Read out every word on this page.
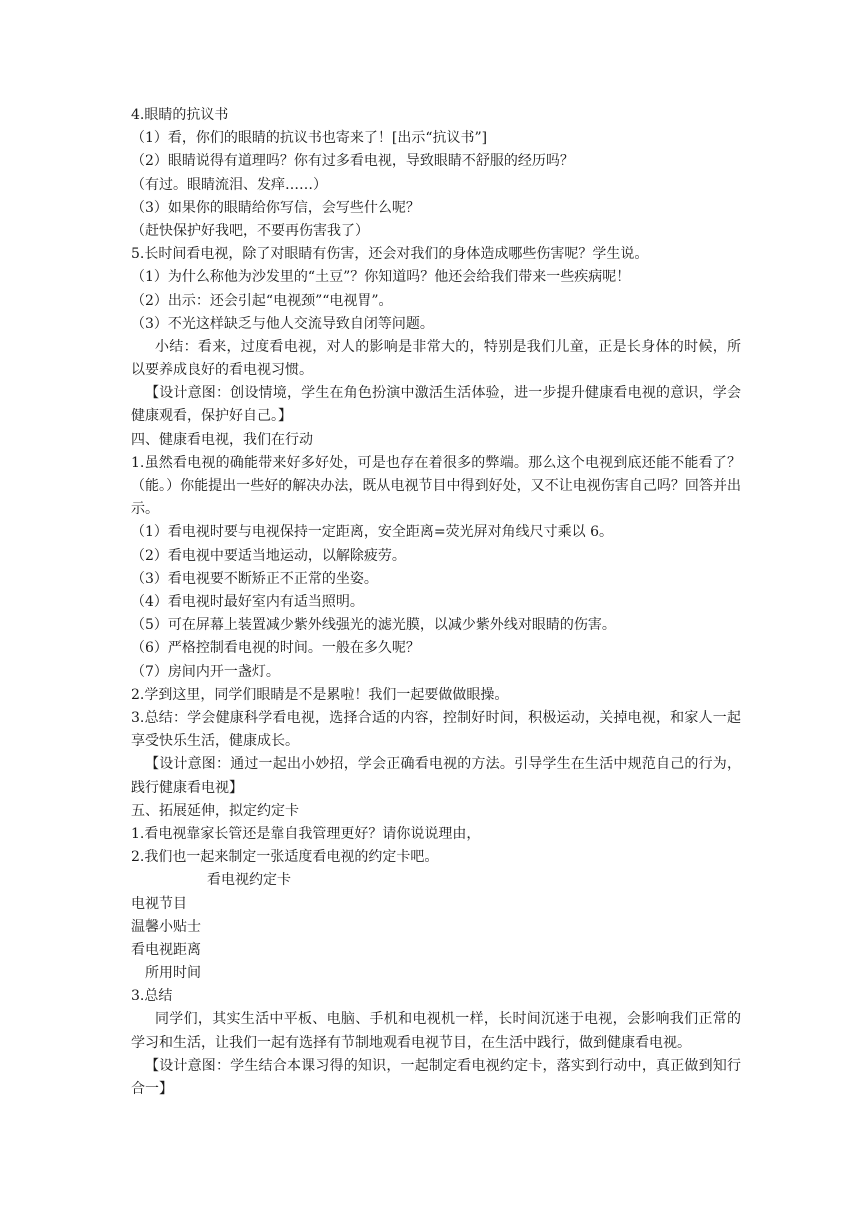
4.眼睛的抗议书
（1）看，你们的眼睛的抗议书也寄来了！[出示“抗议书”]
（2）眼睛说得有道理吗？你有过多看电视，导致眼睛不舒服的经历吗？
（有过。眼睛流泪、发痒……）
（3）如果你的眼睛给你写信，会写些什么呢？
（赶快保护好我吧，不要再伤害我了）
5.长时间看电视，除了对眼睛有伤害，还会对我们的身体造成哪些伤害呢？学生说。
（1）为什么称他为沙发里的“土豆”？你知道吗？他还会给我们带来一些疾病呢！
（2）出示：还会引起“电视颈”“电视胃”。
（3）不光这样缺乏与他人交流导致自闭等问题。
小结：看来，过度看电视，对人的影响是非常大的，特别是我们儿童，正是长身体的时候，所以要养成良好的看电视习惯。
【设计意图：创设情境，学生在角色扮演中激活生活体验，进一步提升健康看电视的意识，学会健康观看，保护好自己。】
四、健康看电视，我们在行动
1.虽然看电视的确能带来好多好处，可是也存在着很多的弊端。那么这个电视到底还能不能看了？（能。）你能提出一些好的解决办法，既从电视节目中得到好处，又不让电视伤害自己吗？回答并出示。
（1）看电视时要与电视保持一定距离，安全距离=荧光屏对角线尺寸乘以 6。
（2）看电视中要适当地运动，以解除疲劳。
（3）看电视要不断矫正不正常的坐姿。
（4）看电视时最好室内有适当照明。
（5）可在屏幕上装置减少紫外线强光的滤光膜，以减少紫外线对眼睛的伤害。
（6）严格控制看电视的时间。一般在多久呢？
（7）房间内开一盏灯。
2.学到这里，同学们眼睛是不是累啦！我们一起要做做眼操。
3.总结：学会健康科学看电视，选择合适的内容，控制好时间，积极运动，关掉电视，和家人一起享受快乐生活，健康成长。
【设计意图：通过一起出小妙招，学会正确看电视的方法。引导学生在生活中规范自己的行为，践行健康看电视】
五、拓展延伸，拟定约定卡
1.看电视靠家长管还是靠自我管理更好？请你说说理由，
2.我们也一起来制定一张适度看电视的约定卡吧。
看电视约定卡
电视节目
温馨小贴士
看电视距离
所用时间
3.总结
同学们，其实生活中平板、电脑、手机和电视机一样，长时间沉迷于电视，会影响我们正常的学习和生活，让我们一起有选择有节制地观看电视节目，在生活中践行，做到健康看电视。
【设计意图：学生结合本课习得的知识，一起制定看电视约定卡，落实到行动中，真正做到知行合一】
